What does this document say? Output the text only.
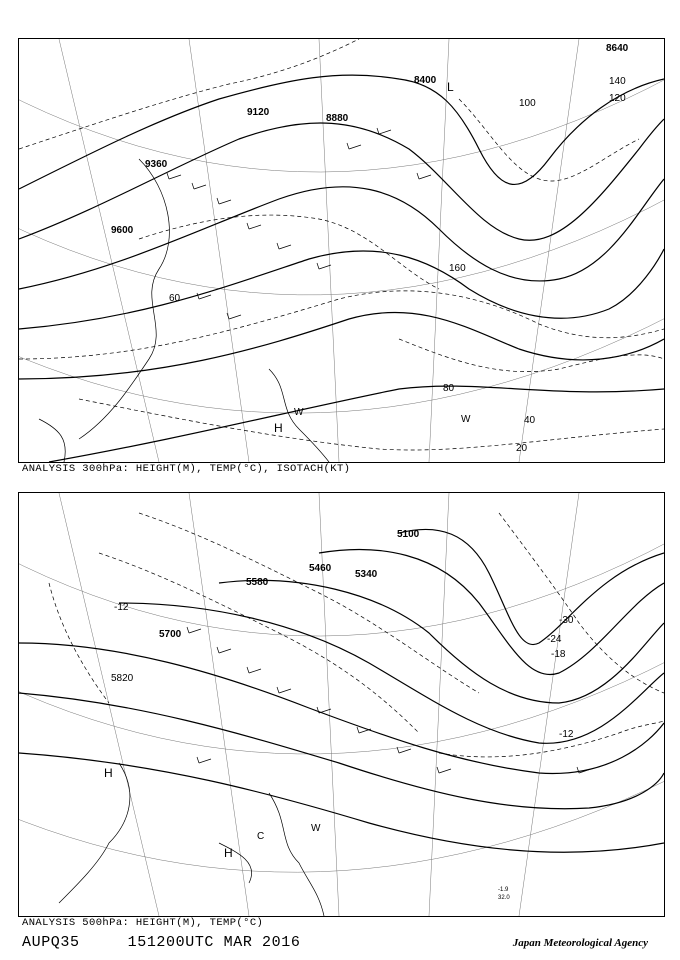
8400
8640
8880
9120
9360
9600
20
40
60
80
100	120
140
160
L
H
W
W
ANALYSIS 300hPa: HEIGHT(M), TEMP(°C), ISOTACH(KT)
5100
5340
5460
5580
5700
5820
-12
-18
-24
-30
-12
H
H
W
C
-1.9
32.0
ANALYSIS 500hPa: HEIGHT(M), TEMP(°C)
AUPQ35	151200UTC MAR 2016	Japan Meteorological Agency
